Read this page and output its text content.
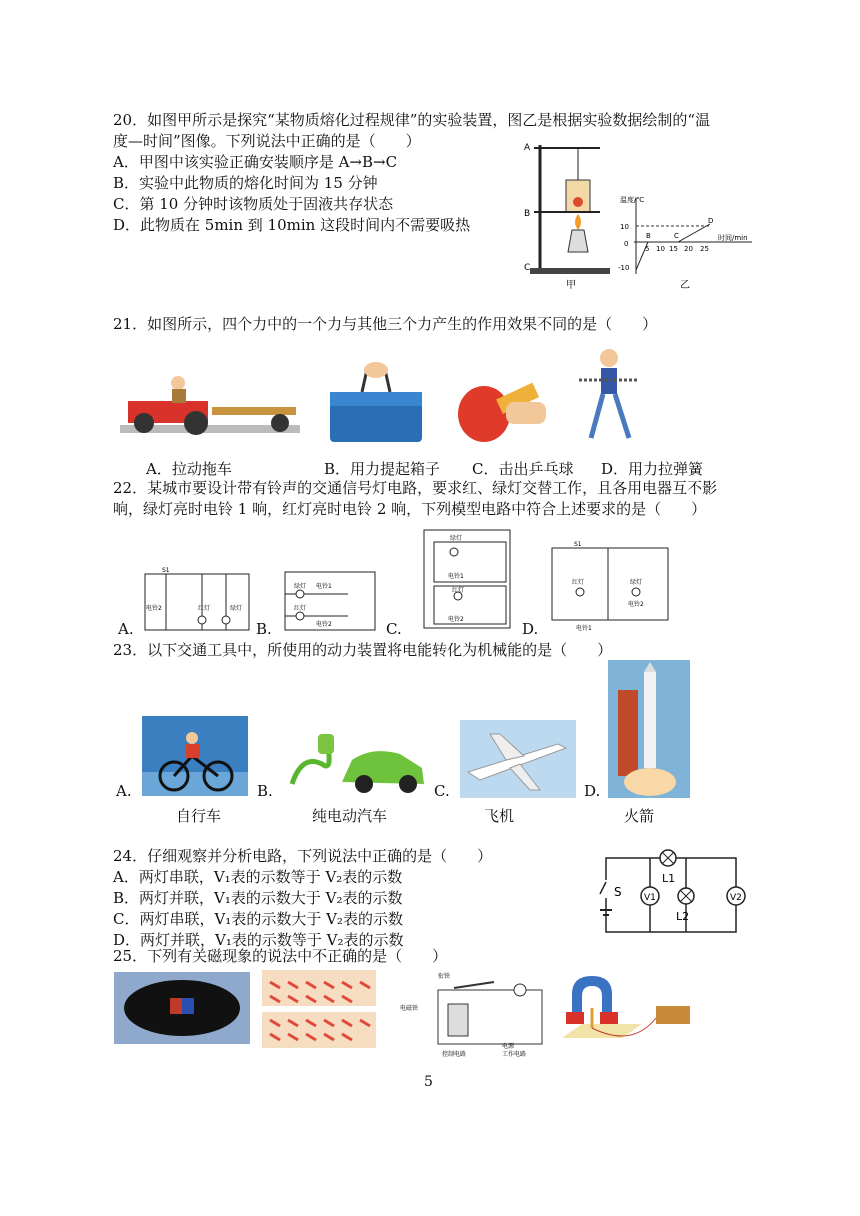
20．如图甲所示是探究“某物质熔化过程规律”的实验装置，图乙是根据实验数据绘制的“温
度—时间”图像。下列说法中正确的是（　　）
A．甲图中该实验正确安装顺序是 A→B→C
B．实验中此物质的熔化时间为 15 分钟
C．第 10 分钟时该物质处于固液共存状态
D．此物质在 5min 到 10min 这段时间内不需要吸热
A
B
C
甲
温度/℃
时间/min
10
0
-10
5 10 15 20 25
B	C
D
乙
21．如图所示，四个力中的一个力与其他三个力产生的作用效果不同的是（　　）
A．拉动拖车	B．用力提起箱子 C．击出乒乓球 D．用力拉弹簧
22．某城市要设计带有铃声的交通信号灯电路，要求红、绿灯交替工作，且各用电器互不影
响，绿灯亮时电铃 1 响，红灯亮时电铃 2 响，下列模型电路中符合上述要求的是（　　）
S1
电铃2	红灯	绿灯
A.
绿灯 电铃1
红灯
电铃2
B.
绿灯
电铃1
红灯
电铃2
C.
S1
红灯	绿灯
电铃1
电铃2
D.
23．以下交通工具中，所使用的动力装置将电能转化为机械能的是（　　）
A.	B.	C.	D.
自行车	纯电动汽车	飞机	火箭
24．仔细观察并分析电路，下列说法中正确的是（　　）
A．两灯串联，V₁表的示数等于 V₂表的示数
B．两灯并联，V₁表的示数大于 V₂表的示数
C．两灯串联，V₁表的示数大于 V₂表的示数
D．两灯并联，V₁表的示数等于 V₂表的示数
S V1	V2
L1
L2
25．下列有关磁现象的说法中不正确的是（　　）
衔铁
电磁铁
控制电路
电源
工作电路
5
